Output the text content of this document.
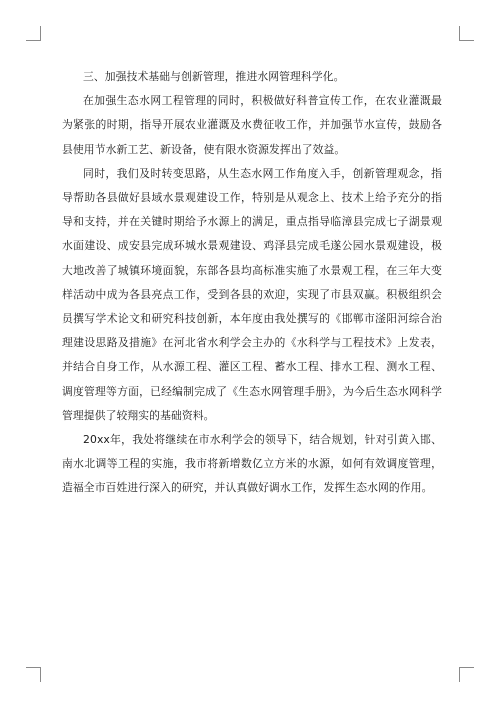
三、加强技术基础与创新管理，推进水网管理科学化。

在加强生态水网工程管理的同时，积极做好科普宣传工作，在农业灌溉最为紧张的时期，指导开展农业灌溉及水费征收工作，并加强节水宣传，鼓励各县使用节水新工艺、新设备，使有限水资源发挥出了效益。

同时，我们及时转变思路，从生态水网工作角度入手，创新管理观念，指导帮助各县做好县域水景观建设工作，特别是从观念上、技术上给予充分的指导和支持，并在关键时期给予水源上的满足，重点指导临漳县完成七子湖景观水面建设、成安县完成环城水景观建设、鸡泽县完成毛遂公园水景观建设，极大地改善了城镇环境面貌，东部各县均高标准实施了水景观工程，在三年大变样活动中成为各县亮点工作，受到各县的欢迎，实现了市县双赢。积极组织会员撰写学术论文和研究科技创新，本年度由我处撰写的《邯郸市滏阳河综合治理建设思路及措施》在河北省水利学会主办的《水科学与工程技术》上发表，并结合自身工作，从水源工程、灌区工程、蓄水工程、排水工程、测水工程、调度管理等方面，已经编制完成了《生态水网管理手册》，为今后生态水网科学管理提供了较翔实的基础资料。

20xx年，我处将继续在市水利学会的领导下，结合规划，针对引黄入邯、南水北调等工程的实施，我市将新增数亿立方米的水源，如何有效调度管理，造福全市百姓进行深入的研究，并认真做好调水工作，发挥生态水网的作用。
